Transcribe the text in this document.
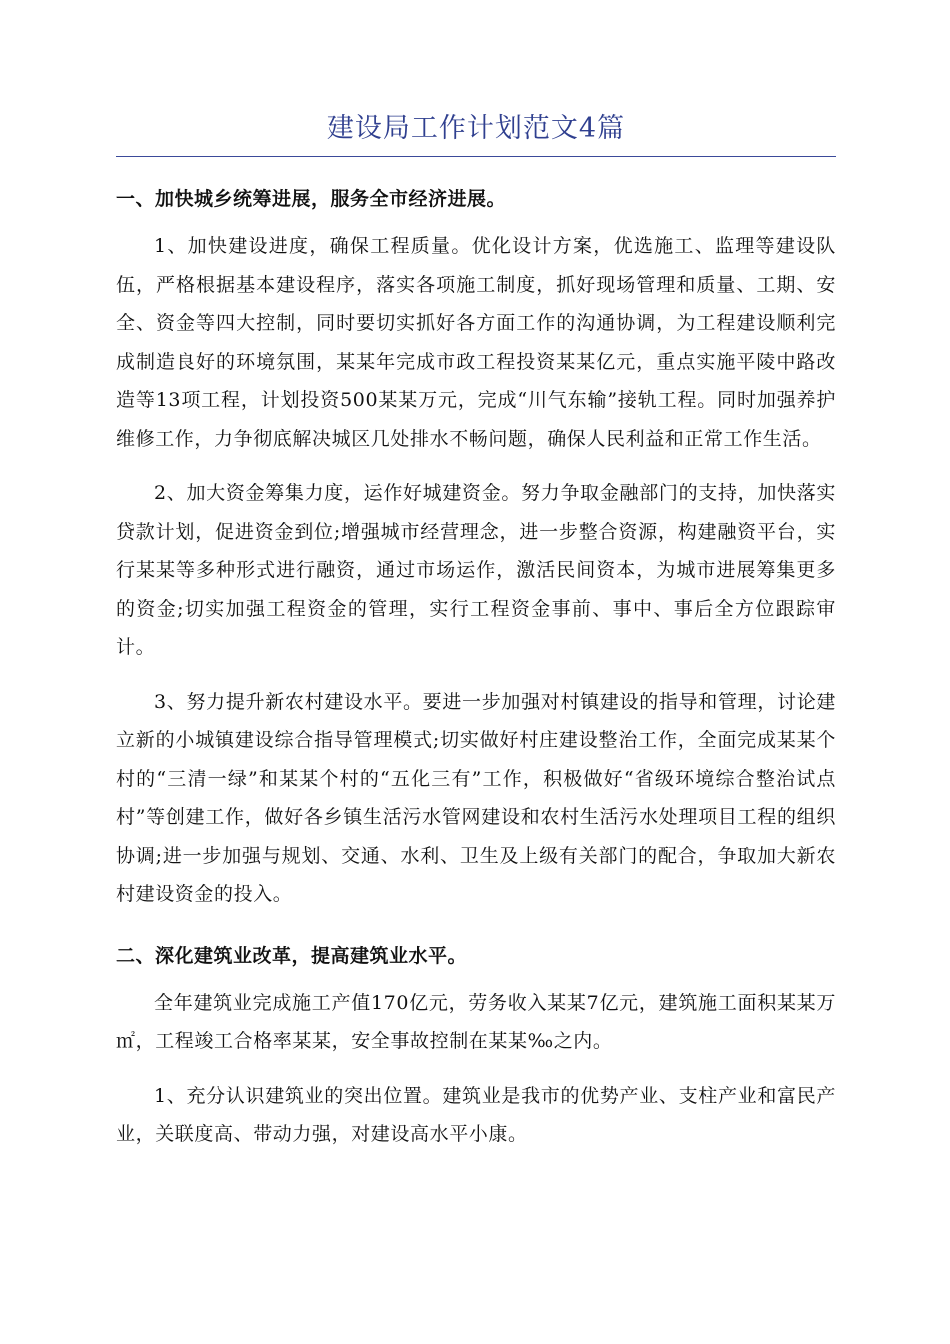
建设局工作计划范文4篇
一、加快城乡统筹进展，服务全市经济进展。

1、加快建设进度，确保工程质量。优化设计方案，优选施工、监理等建设队伍，严格根据基本建设程序，落实各项施工制度，抓好现场管理和质量、工期、安全、资金等四大控制，同时要切实抓好各方面工作的沟通协调，为工程建设顺利完成制造良好的环境氛围，某某年完成市政工程投资某某亿元，重点实施平陵中路改造等13项工程，计划投资500某某万元，完成“川气东输”接轨工程。同时加强养护维修工作，力争彻底解决城区几处排水不畅问题，确保人民利益和正常工作生活。

2、加大资金筹集力度，运作好城建资金。努力争取金融部门的支持，加快落实贷款计划，促进资金到位;增强城市经营理念，进一步整合资源，构建融资平台，实行某某等多种形式进行融资，通过市场运作，激活民间资本，为城市进展筹集更多的资金;切实加强工程资金的管理，实行工程资金事前、事中、事后全方位跟踪审计。

3、努力提升新农村建设水平。要进一步加强对村镇建设的指导和管理，讨论建立新的小城镇建设综合指导管理模式;切实做好村庄建设整治工作，全面完成某某个村的“三清一绿”和某某个村的“五化三有”工作，积极做好“省级环境综合整治试点村”等创建工作，做好各乡镇生活污水管网建设和农村生活污水处理项目工程的组织协调;进一步加强与规划、交通、水利、卫生及上级有关部门的配合，争取加大新农村建设资金的投入。

二、深化建筑业改革，提高建筑业水平。

全年建筑业完成施工产值170亿元，劳务收入某某7亿元，建筑施工面积某某万㎡，工程竣工合格率某某，安全事故控制在某某‰之内。

1、充分认识建筑业的突出位置。建筑业是我市的优势产业、支柱产业和富民产业，关联度高、带动力强，对建设高水平小康。
